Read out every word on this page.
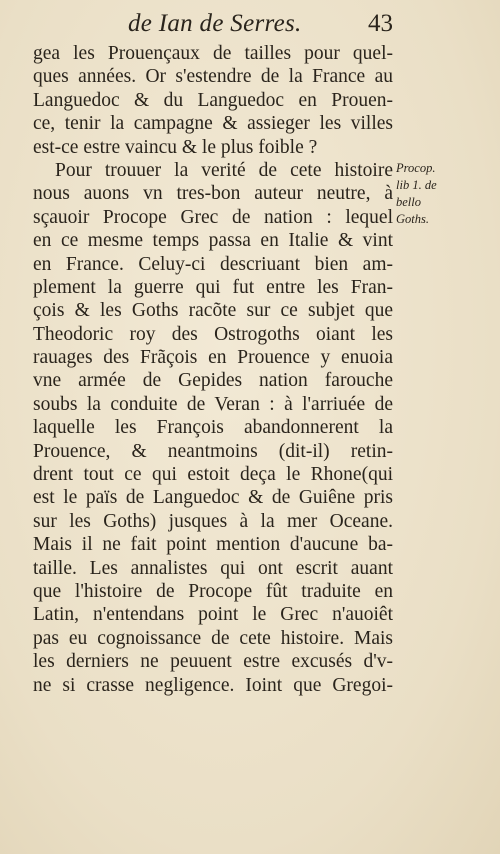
de Ian de Serres.	43
gea les Prouençaux de tailles pour quel-
ques années. Or s'estendre de la France au
Languedoc & du Languedoc en Prouen-
ce, tenir la campagne & assieger les villes
est-ce estre vaincu & le plus foible ?
Pour trouuer la verité de cete histoire
nous auons vn tres-bon auteur neutre, à
sçauoir Procope Grec de nation : lequel
en ce mesme temps passa en Italie & vint
en France. Celuy-ci descriuant bien am-
plement la guerre qui fut entre les Fran-
çois & les Goths racõte sur ce subjet que
Theodoric roy des Ostrogoths oiant les
rauages des Frãçois en Prouence y enuoia
vne armée de Gepides nation farouche
soubs la conduite de Veran : à l'arriuée de
laquelle les François abandonnerent la
Prouence, & neantmoins (dit-il) retin-
drent tout ce qui estoit deça le Rhone(qui
est le païs de Languedoc & de Guiêne pris
sur les Goths) jusques à la mer Oceane.
Mais il ne fait point mention d'aucune ba-
taille. Les annalistes qui ont escrit auant
que l'histoire de Procope fût traduite en
Latin, n'entendans point le Grec n'auoiêt
pas eu cognoissance de cete histoire. Mais
les derniers ne peuuent estre excusés d'v-
ne si crasse negligence. Ioint que Gregoi-
Procop.
lib 1. de
bello
Goths.
